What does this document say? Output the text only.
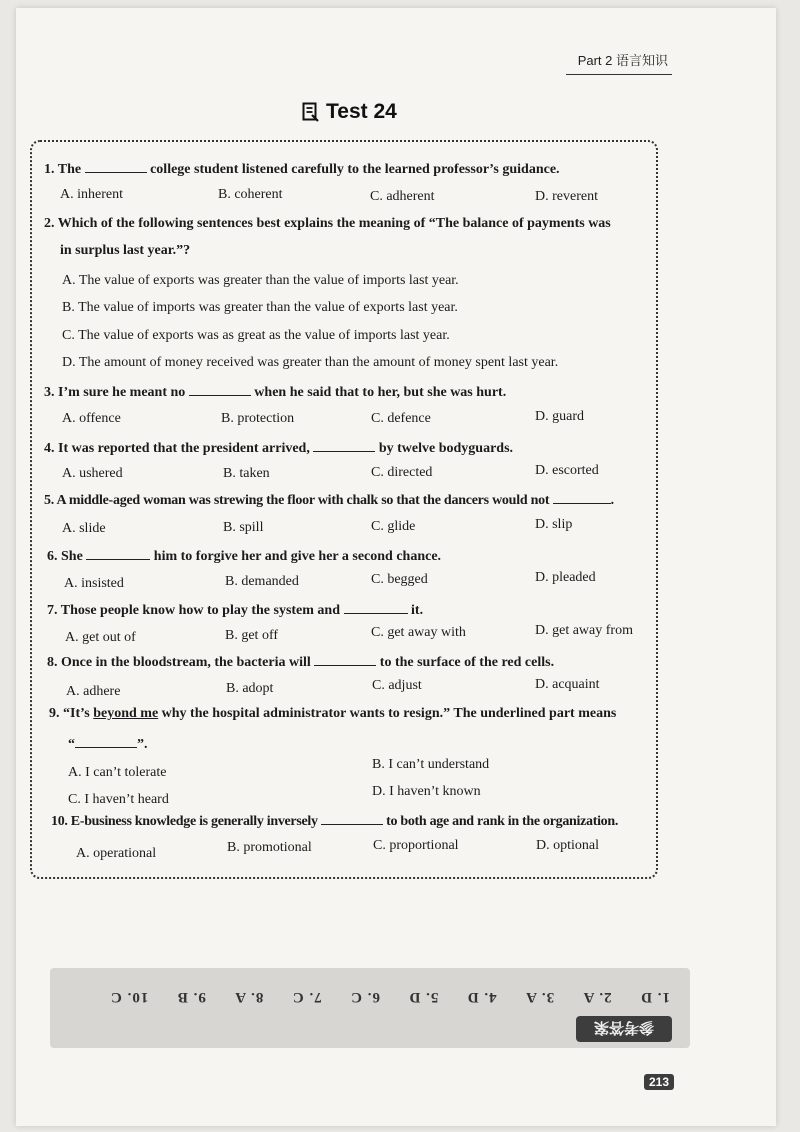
Part 2 语言知识
Test 24
1. The	college student listened carefully to the learned professor’s guidance.
A. inherent	B. coherent	C. adherent	D. reverent
2. Which of the following sentences best explains the meaning of “The balance of payments was
in surplus last year.”?
A. The value of exports was greater than the value of imports last year.
B. The value of imports was greater than the value of exports last year.
C. The value of exports was as great as the value of imports last year.
D. The amount of money received was greater than the amount of money spent last year.
3. I’m sure he meant no	when he said that to her, but she was hurt.
A. offence	B. protection	C. defence	D. guard
4. It was reported that the president arrived,	by twelve bodyguards.
A. ushered	B. taken	C. directed	D. escorted
5. A middle-aged woman was strewing the floor with chalk so that the dancers would not	.
A. slide	B. spill	C. glide	D. slip
6. She	him to forgive her and give her a second chance.
A. insisted	B. demanded	C. begged	D. pleaded
7. Those people know how to play the system and	it.
A. get out of	B. get off	C. get away with	D. get away from
8. Once in the bloodstream, the bacteria will	to the surface of the red cells.
A. adhere	B. adopt	C. adjust	D. acquaint
9. “It’s beyond me why the hospital administrator wants to resign.” The underlined part means
“	”.
A. I can’t tolerate
B. I can’t understand
C. I haven’t heard
D. I haven’t known
10. E-business knowledge is generally inversely	to both age and rank in the organization.
A. operational	B. promotional	C. proportional	D. optional
1. D
2. A
3. A
4. D
5. D
6. C
7. C
8. A
9. B
10. C
参考答案
213
